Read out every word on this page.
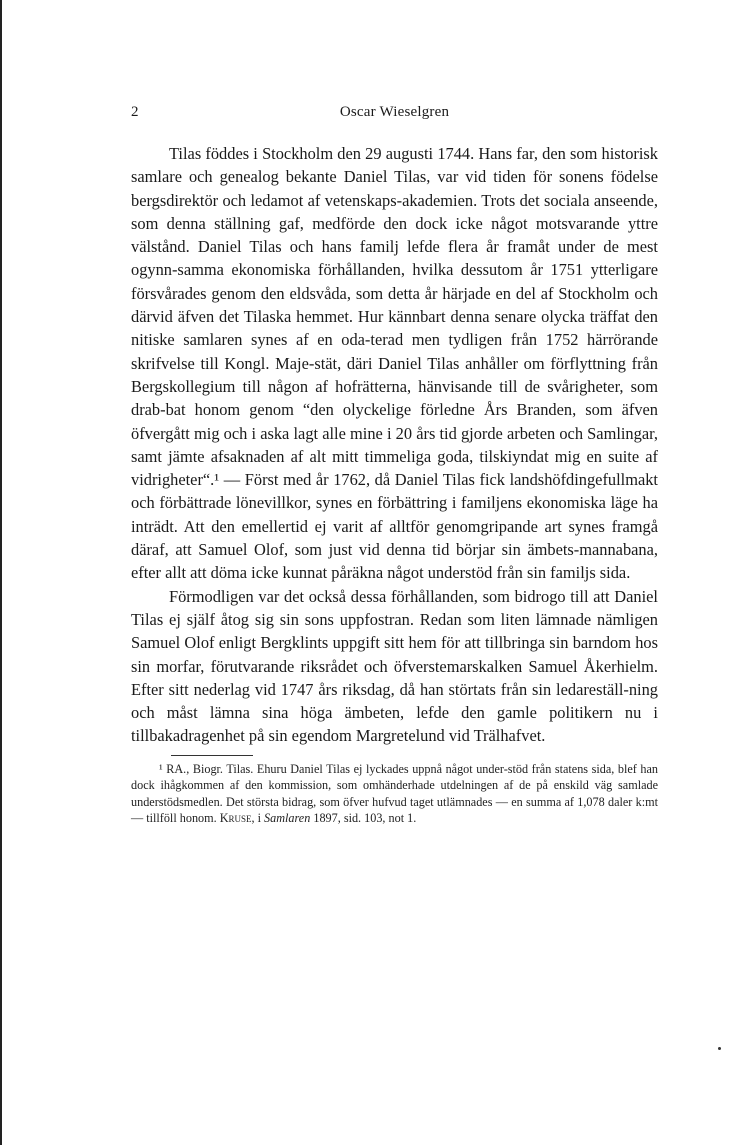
2	Oscar Wieselgren

Tilas föddes i Stockholm den 29 augusti 1744. Hans far, den som historisk samlare och genealog bekante Daniel Tilas, var vid tiden för sonens födelse bergsdirektör och ledamot af vetenskaps-akademien. Trots det sociala anseende, som denna ställning gaf, medförde den dock icke något motsvarande yttre välstånd. Daniel Tilas och hans familj lefde flera år framåt under de mest ogynn-samma ekonomiska förhållanden, hvilka dessutom år 1751 ytterligare försvårades genom den eldsvåda, som detta år härjade en del af Stockholm och därvid äfven det Tilaska hemmet. Hur kännbart denna senare olycka träffat den nitiske samlaren synes af en oda-terad men tydligen från 1752 härrörande skrifvelse till Kongl. Maje-stät, däri Daniel Tilas anhåller om förflyttning från Bergskollegium till någon af hofrätterna, hänvisande till de svårigheter, som drab-bat honom genom “den olyckelige förledne Års Branden, som äfven öfvergått mig och i aska lagt alle mine i 20 års tid gjorde arbeten och Samlingar, samt jämte afsaknaden af alt mitt timmeliga goda, tilskiyndat mig en suite af vidrigheter“.¹ — Först med år 1762, då Daniel Tilas fick landshöfdingefullmakt och förbättrade lönevillkor, synes en förbättring i familjens ekonomiska läge ha inträdt. Att den emellertid ej varit af alltför genomgripande art synes framgå däraf, att Samuel Olof, som just vid denna tid börjar sin ämbets-mannabana, efter allt att döma icke kunnat påräkna något understöd från sin familjs sida.

Förmodligen var det också dessa förhållanden, som bidrogo till att Daniel Tilas ej själf åtog sig sin sons uppfostran. Redan som liten lämnade nämligen Samuel Olof enligt Bergklints uppgift sitt hem för att tillbringa sin barndom hos sin morfar, förutvarande riksrådet och öfverstemarskalken Samuel Åkerhielm. Efter sitt nederlag vid 1747 års riksdag, då han störtats från sin ledareställ-ning och måst lämna sina höga ämbeten, lefde den gamle politikern nu i tillbakadragenhet på sin egendom Margretelund vid Trälhafvet.

¹ RA., Biogr. Tilas. Ehuru Daniel Tilas ej lyckades uppnå något under-stöd från statens sida, blef han dock ihågkommen af den kommission, som omhänderhade utdelningen af de på enskild väg samlade understödsmedlen. Det största bidrag, som öfver hufvud taget utlämnades — en summa af 1,078 daler k:mt — tillföll honom. Kruse, i Samlaren 1897, sid. 103, not 1.
